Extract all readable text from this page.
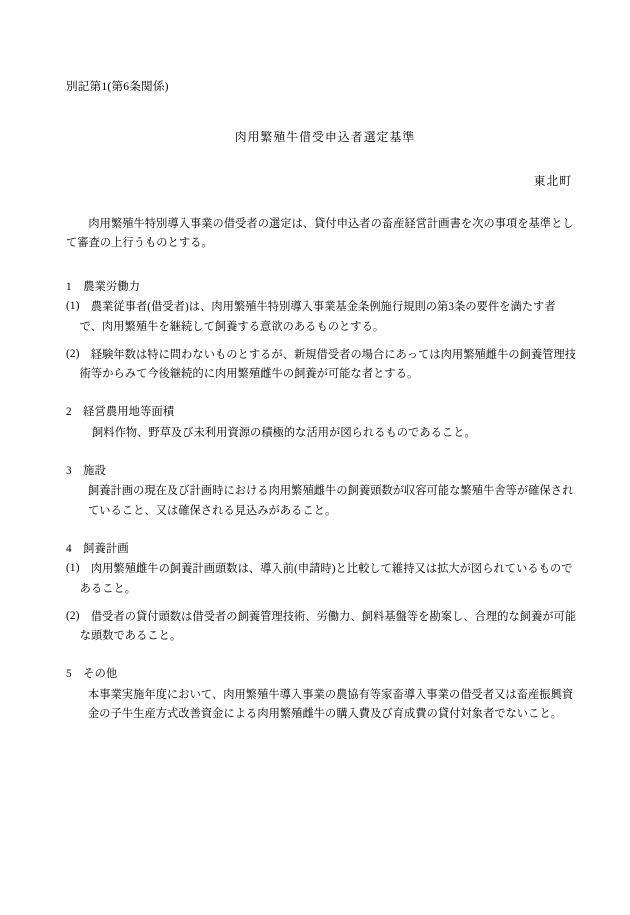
別記第1(第6条関係)
肉用繁殖牛借受申込者選定基準
東北町

肉用繁殖牛特別導入事業の借受者の選定は、貸付申込者の畜産経営計画書を次の事項を基準として審査の上行うものとする。

1　農業労働力
(1) 農業従事者(借受者)は、肉用繁殖牛特別導入事業基金条例施行規則の第3条の要件を満たす者で、肉用繁殖牛を継続して飼養する意欲のあるものとする。
(2) 経験年数は特に問わないものとするが、新規借受者の場合にあっては肉用繁殖雌牛の飼養管理技術等からみて今後継続的に肉用繁殖雌牛の飼養が可能な者とする。
2　経営農用地等面積
飼料作物、野草及び未利用資源の積極的な活用が図られるものであること。
3　施設
飼養計画の現在及び計画時における肉用繁殖雌牛の飼養頭数が収容可能な繁殖牛舎等が確保されていること、又は確保される見込みがあること。
4　飼養計画
(1) 肉用繁殖雌牛の飼養計画頭数は、導入前(申請時)と比較して維持又は拡大が図られているものであること。
(2) 借受者の貸付頭数は借受者の飼養管理技術、労働力、飼料基盤等を勘案し、合理的な飼養が可能な頭数であること。
5　その他
本事業実施年度において、肉用繁殖牛導入事業の農協有等家畜導入事業の借受者又は畜産振興資金の子牛生産方式改善資金による肉用繁殖雌牛の購入費及び育成費の貸付対象者でないこと。
